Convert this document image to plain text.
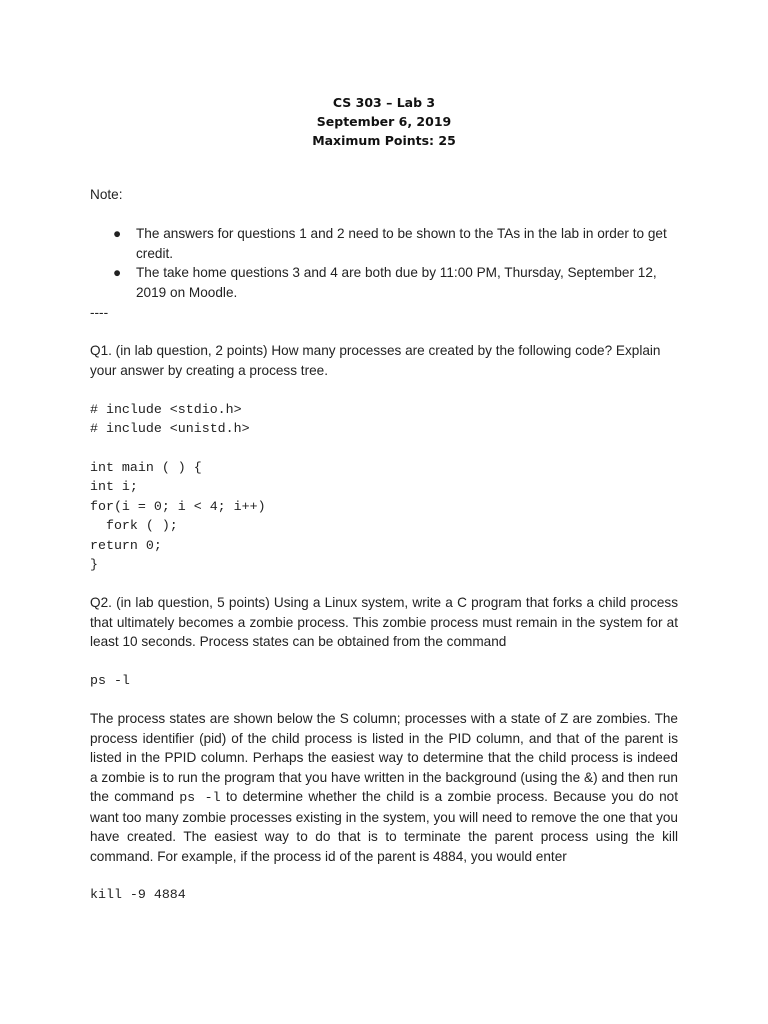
CS 303 – Lab 3
September 6, 2019
Maximum Points: 25
Note:
● The answers for questions 1 and 2 need to be shown to the TAs in the lab in order to get credit.
● The take home questions 3 and 4 are both due by 11:00 PM, Thursday, September 12, 2019 on Moodle.
----
Q1. (in lab question, 2 points) How many processes are created by the following code? Explain your answer by creating a process tree.
# include <stdio.h>
# include <unistd.h>
int main ( ) {
int i;
for(i = 0; i < 4; i++)
fork ( );
return 0;
}
Q2. (in lab question, 5 points) Using a Linux system, write a C program that forks a child process that ultimately becomes a zombie process. This zombie process must remain in the system for at least 10 seconds. Process states can be obtained from the command
ps -l
The process states are shown below the S column; processes with a state of Z are zombies. The process identifier (pid) of the child process is listed in the PID column, and that of the parent is listed in the PPID column. Perhaps the easiest way to determine that the child process is indeed a zombie is to run the program that you have written in the background (using the &) and then run the command ps -l to determine whether the child is a zombie process. Because you do not want too many zombie processes existing in the system, you will need to remove the one that you have created. The easiest way to do that is to terminate the parent process using the kill command. For example, if the process id of the parent is 4884, you would enter
kill -9 4884
